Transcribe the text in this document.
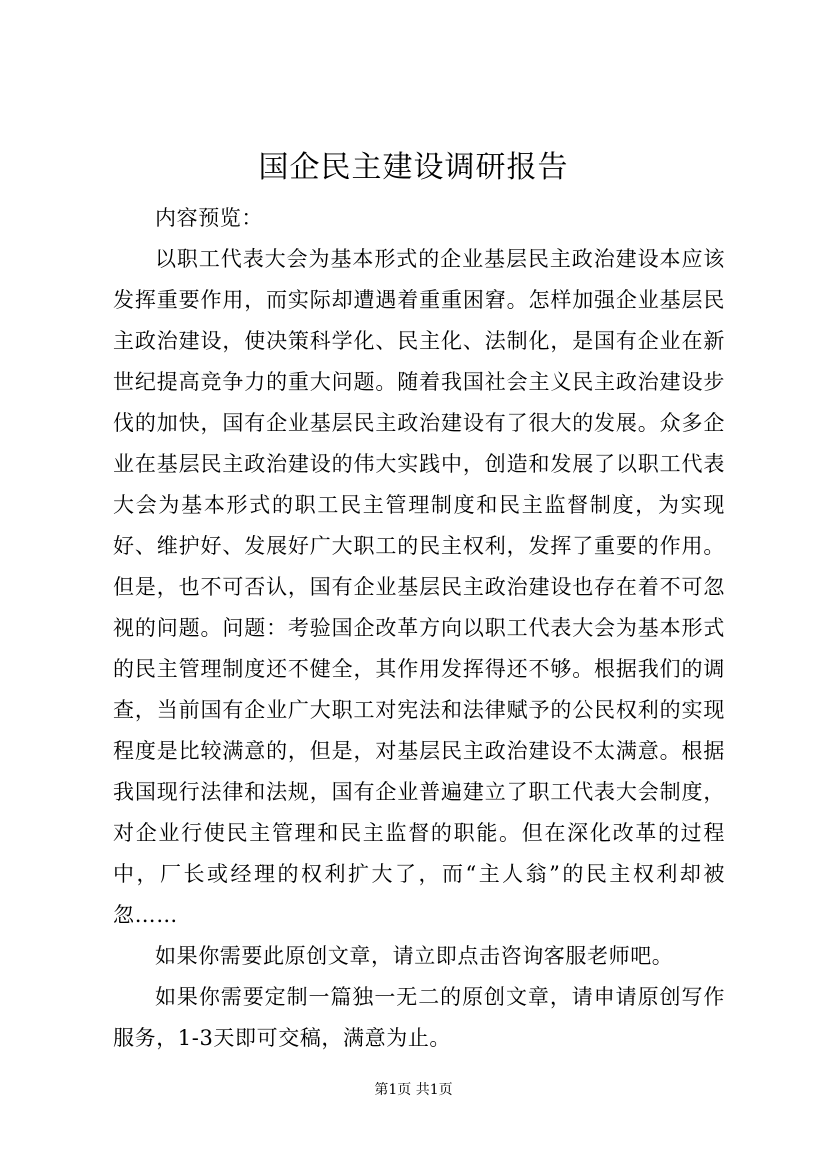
国企民主建设调研报告

内容预览：

以职工代表大会为基本形式的企业基层民主政治建设本应该发挥重要作用，而实际却遭遇着重重困窘。怎样加强企业基层民主政治建设，使决策科学化、民主化、法制化，是国有企业在新世纪提高竞争力的重大问题。随着我国社会主义民主政治建设步伐的加快，国有企业基层民主政治建设有了很大的发展。众多企业在基层民主政治建设的伟大实践中，创造和发展了以职工代表大会为基本形式的职工民主管理制度和民主监督制度，为实现好、维护好、发展好广大职工的民主权利，发挥了重要的作用。但是，也不可否认，国有企业基层民主政治建设也存在着不可忽视的问题。问题：考验国企改革方向以职工代表大会为基本形式的民主管理制度还不健全，其作用发挥得还不够。根据我们的调查，当前国有企业广大职工对宪法和法律赋予的公民权利的实现程度是比较满意的，但是，对基层民主政治建设不太满意。根据我国现行法律和法规，国有企业普遍建立了职工代表大会制度，对企业行使民主管理和民主监督的职能。但在深化改革的过程中，厂长或经理的权利扩大了，而“主人翁”的民主权利却被忽……

如果你需要此原创文章，请立即点击咨询客服老师吧。

如果你需要定制一篇独一无二的原创文章，请申请原创写作服务，1-3天即可交稿，满意为止。

第1页 共1页
